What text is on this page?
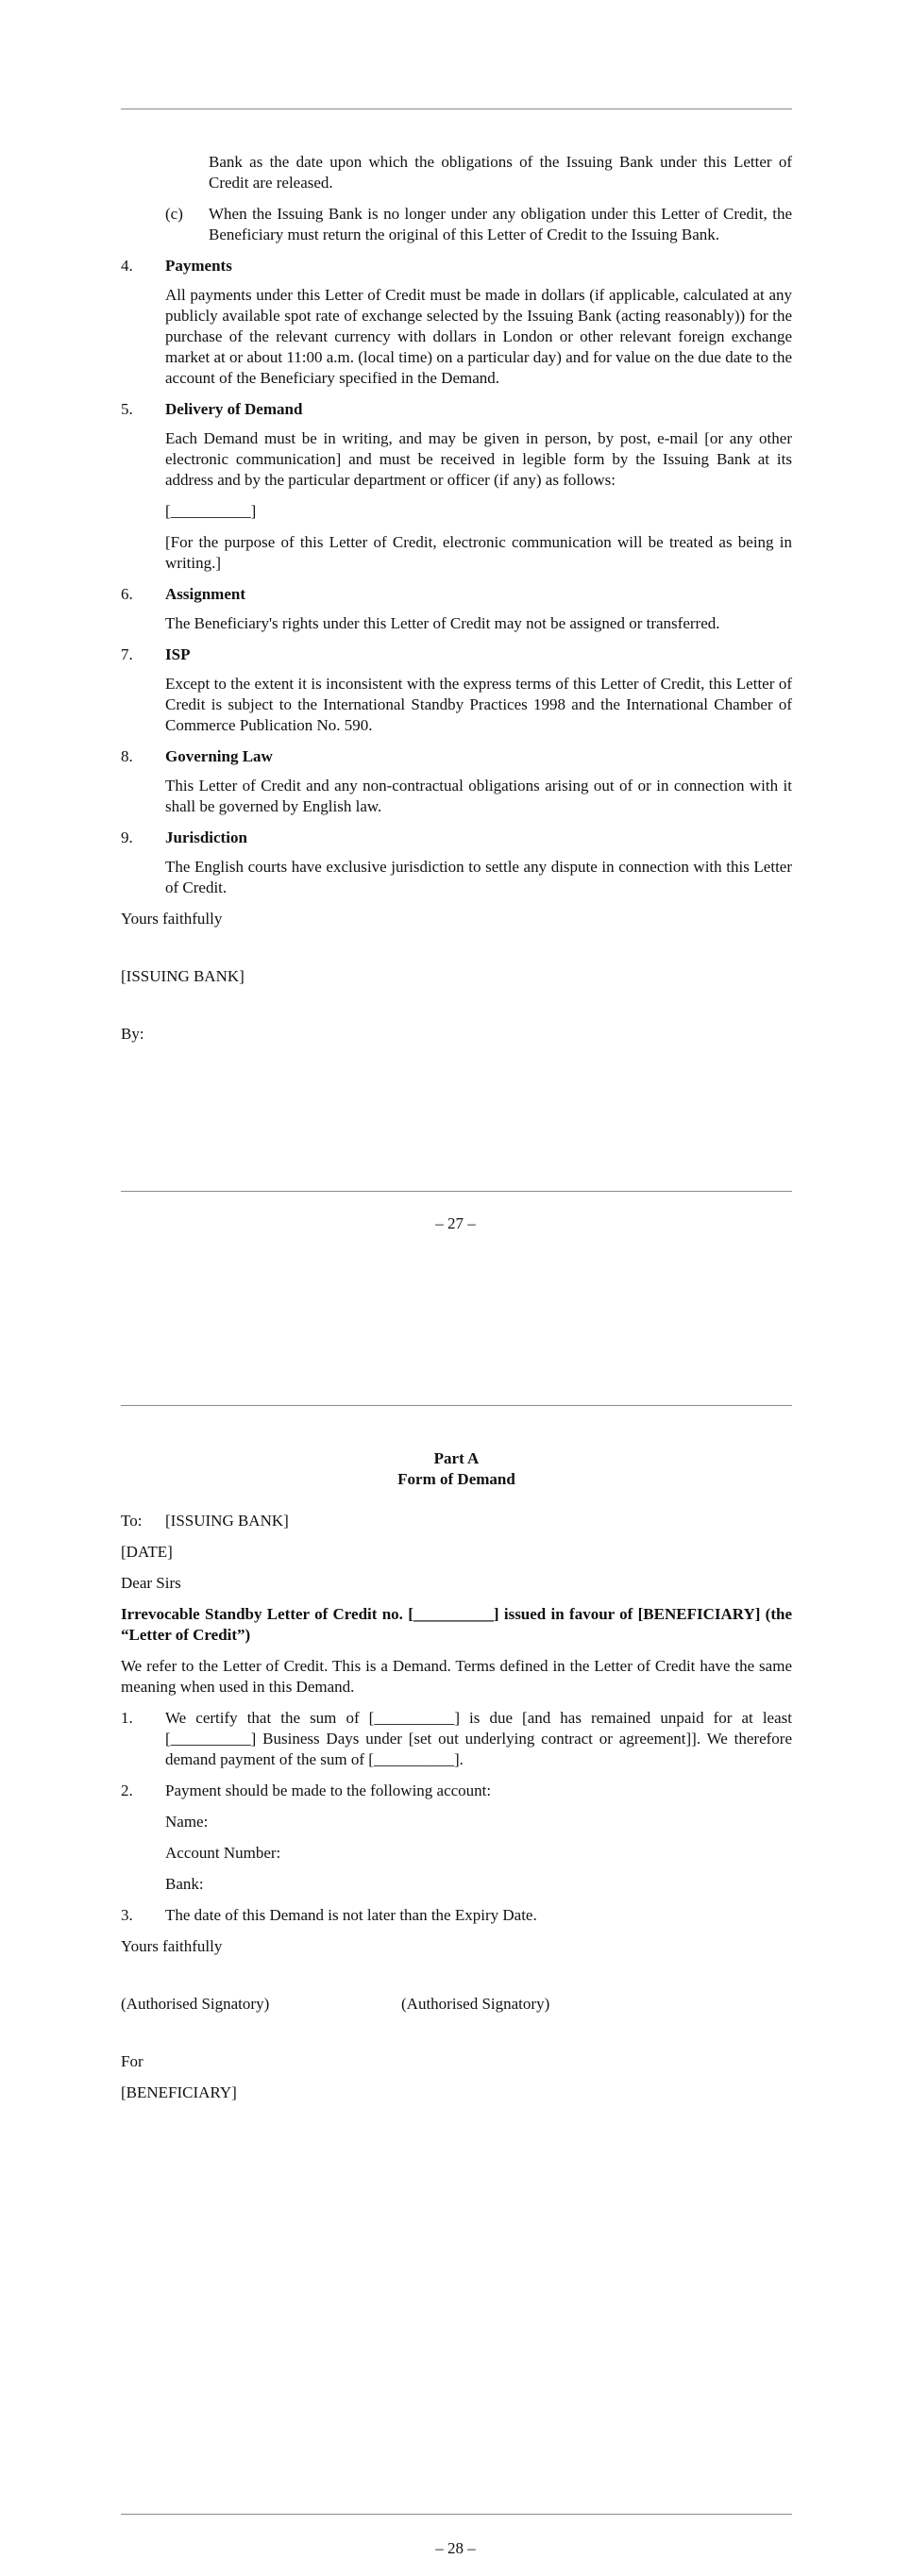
Bank as the date upon which the obligations of the Issuing Bank under this Letter of Credit are released.

(c) When the Issuing Bank is no longer under any obligation under this Letter of Credit, the Beneficiary must return the original of this Letter of Credit to the Issuing Bank.
4. Payments

All payments under this Letter of Credit must be made in dollars (if applicable, calculated at any publicly available spot rate of exchange selected by the Issuing Bank (acting reasonably)) for the purchase of the relevant currency with dollars in London or other relevant foreign exchange market at or about 11:00 a.m. (local time) on a particular day) and for value on the due date to the account of the Beneficiary specified in the Demand.

5. Delivery of Demand

Each Demand must be in writing, and may be given in person, by post, e-mail [or any other electronic communication] and must be received in legible form by the Issuing Bank at its address and by the particular department or officer (if any) as follows:

[__________]

[For the purpose of this Letter of Credit, electronic communication will be treated as being in writing.]

6. Assignment

The Beneficiary's rights under this Letter of Credit may not be assigned or transferred.

7. ISP

Except to the extent it is inconsistent with the express terms of this Letter of Credit, this Letter of Credit is subject to the International Standby Practices 1998 and the International Chamber of Commerce Publication No. 590.

8. Governing Law

This Letter of Credit and any non-contractual obligations arising out of or in connection with it shall be governed by English law.

9. Jurisdiction

The English courts have exclusive jurisdiction to settle any dispute in connection with this Letter of Credit.

Yours faithfully

[ISSUING BANK]

By:

– 27 –
Part A
Form of Demand
To: [ISSUING BANK]

[DATE]

Dear Sirs

Irrevocable Standby Letter of Credit no. [__________] issued in favour of [BENEFICIARY] (the “Letter of Credit”)

We refer to the Letter of Credit. This is a Demand. Terms defined in the Letter of Credit have the same meaning when used in this Demand.

1. We certify that the sum of [__________] is due [and has remained unpaid for at least [__________] Business Days under [set out underlying contract or agreement]]. We therefore demand payment of the sum of [__________].
2. Payment should be made to the following account:

Name:

Account Number:

Bank:

3. The date of this Demand is not later than the Expiry Date.

Yours faithfully

(Authorised Signatory)	(Authorised Signatory)

For

[BENEFICIARY]

– 28 –
